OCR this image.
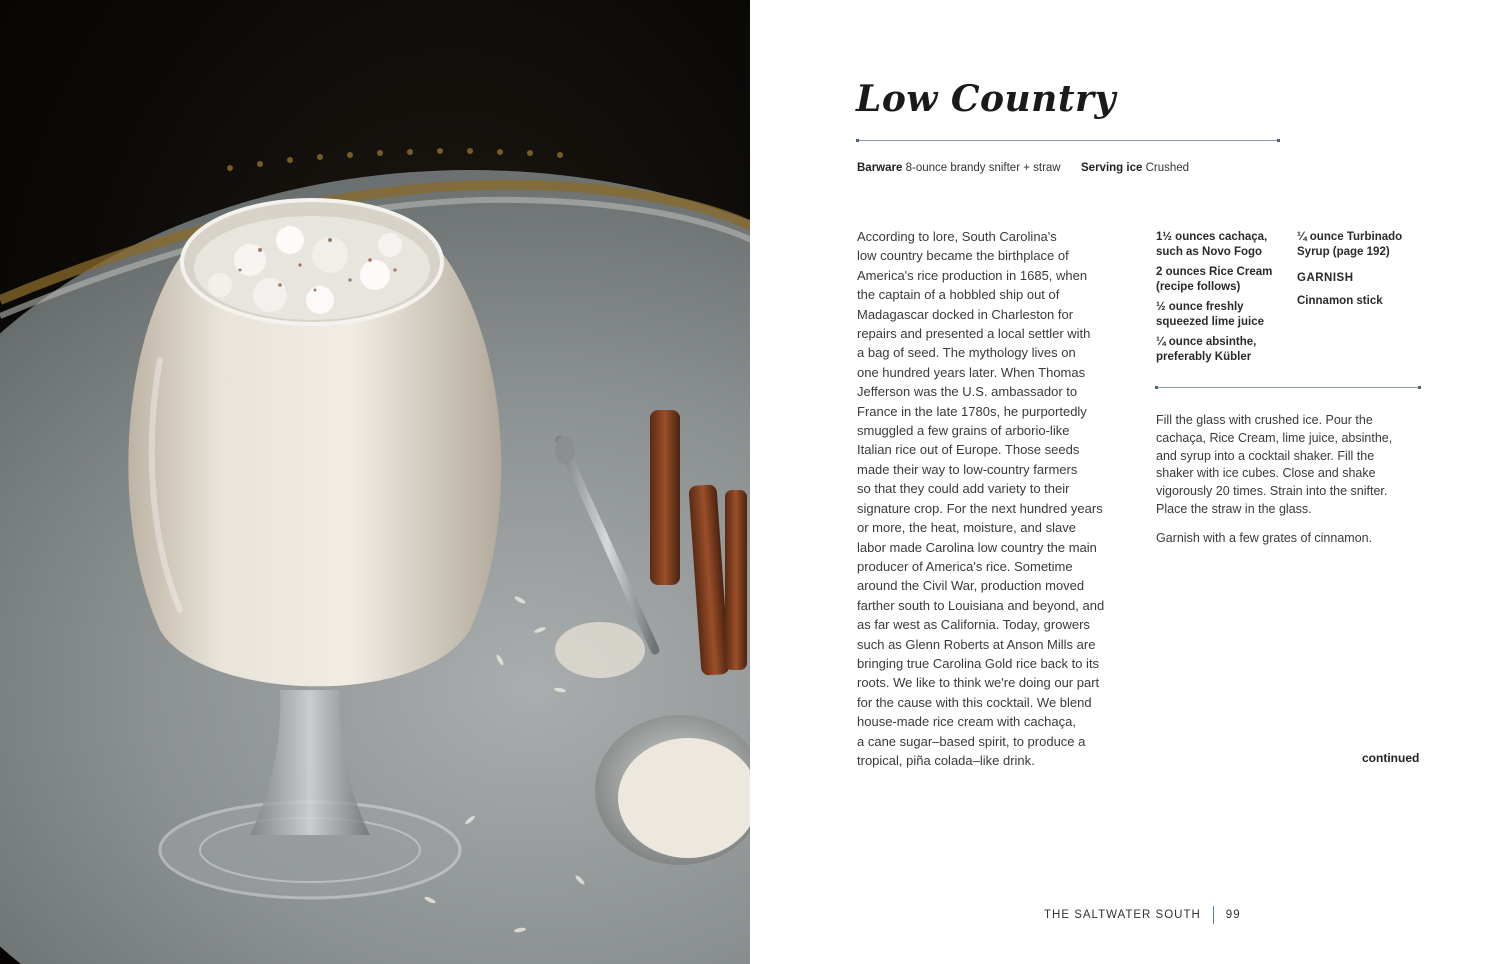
Low Country
Barware 8-ounce brandy snifter + straw Serving ice Crushed
According to lore, South Carolina's
low country became the birthplace of
America's rice production in 1685, when
the captain of a hobbled ship out of
Madagascar docked in Charleston for
repairs and presented a local settler with
a bag of seed. The mythology lives on
one hundred years later. When Thomas
Jefferson was the U.S. ambassador to
France in the late 1780s, he purportedly
smuggled a few grains of arborio-like
Italian rice out of Europe. Those seeds
made their way to low-country farmers
so that they could add variety to their
signature crop. For the next hundred years
or more, the heat, moisture, and slave
labor made Carolina low country the main
producer of America's rice. Sometime
around the Civil War, production moved
farther south to Louisiana and beyond, and
as far west as California. Today, growers
such as Glenn Roberts at Anson Mills are
bringing true Carolina Gold rice back to its
roots. We like to think we're doing our part
for the cause with this cocktail. We blend
house-made rice cream with cachaça,
a cane sugar–based spirit, to produce a
tropical, piña colada–like drink.
1½ ounces cachaça,
such as Novo Fogo
2 ounces Rice Cream
(recipe follows)
½ ounce freshly
squeezed lime juice
¼ ounce absinthe,
preferably Kübler
¼ ounce Turbinado
Syrup (page 192)
GARNISH
Cinnamon stick
Fill the glass with crushed ice. Pour the
cachaça, Rice Cream, lime juice, absinthe,
and syrup into a cocktail shaker. Fill the
shaker with ice cubes. Close and shake
vigorously 20 times. Strain into the snifter.
Place the straw in the glass.
Garnish with a few grates of cinnamon.
continued
THE SALTWATER SOUTH 99
